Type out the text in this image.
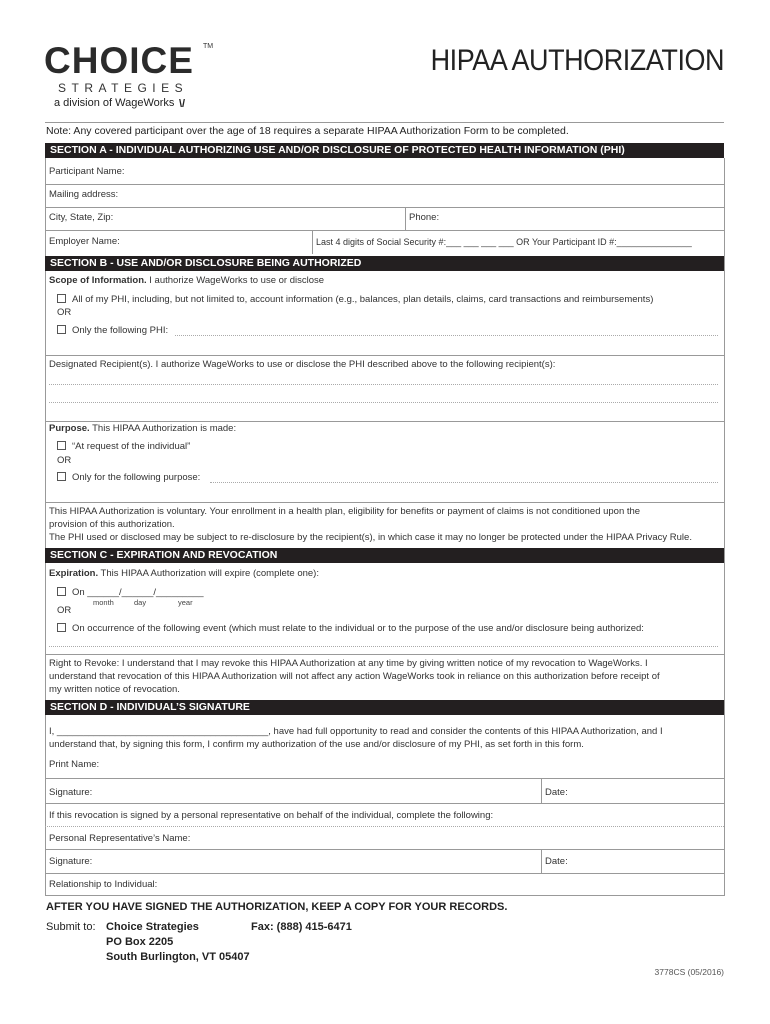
CHOICE TM
STRATEGIES
a division of WageWorks \/
HIPAA AUTHORIZATION
Note: Any covered participant over the age of 18 requires a separate HIPAA Authorization Form to be completed.
SECTION A - INDIVIDUAL AUTHORIZING USE AND/OR DISCLOSURE OF PROTECTED HEALTH INFORMATION (PHI)
Participant Name:
Mailing address:
City, State, Zip:	Phone:
Employer Name:	Last 4 digits of Social Security #:___ ___ ___ ___ OR Your Participant ID #:_______________
SECTION B - USE AND/OR DISCLOSURE BEING AUTHORIZED
Scope of Information. I authorize WageWorks to use or disclose
All of my PHI, including, but not limited to, account information (e.g., balances, plan details, claims, card transactions and reimbursements)
OR
Only the following PHI:
Designated Recipient(s). I authorize WageWorks to use or disclose the PHI described above to the following recipient(s):
Purpose. This HIPAA Authorization is made:
“At request of the individual”
OR
Only for the following purpose:
This HIPAA Authorization is voluntary. Your enrollment in a health plan, eligibility for benefits or payment of claims is not conditioned upon the
provision of this authorization.
The PHI used or disclosed may be subject to re-disclosure by the recipient(s), in which case it may no longer be protected under the HIPAA Privacy Rule.
SECTION C - EXPIRATION AND REVOCATION
Expiration. This HIPAA Authorization will expire (complete one):
On ______/______/_________
month	day	year
OR
On occurrence of the following event (which must relate to the individual or to the purpose of the use and/or disclosure being authorized:
Right to Revoke: I understand that I may revoke this HIPAA Authorization at any time by giving written notice of my revocation to WageWorks. I
understand that revocation of this HIPAA Authorization will not affect any action WageWorks took in reliance on this authorization before receipt of
my written notice of revocation.
SECTION D - INDIVIDUAL’S SIGNATURE
I, ________________________________________, have had full opportunity to read and consider the contents of this HIPAA Authorization, and I
understand that, by signing this form, I confirm my authorization of the use and/or disclosure of my PHI, as set forth in this form.
Print Name:
Signature:	Date:
If this revocation is signed by a personal representative on behalf of the individual, complete the following:
Personal Representative’s Name:
Signature:	Date:
Relationship to Individual:
AFTER YOU HAVE SIGNED THE AUTHORIZATION, KEEP A COPY FOR YOUR RECORDS.
Submit to: Choice Strategies
PO Box 2205
South Burlington, VT 05407
Fax: (888) 415-6471
3778CS (05/2016)
